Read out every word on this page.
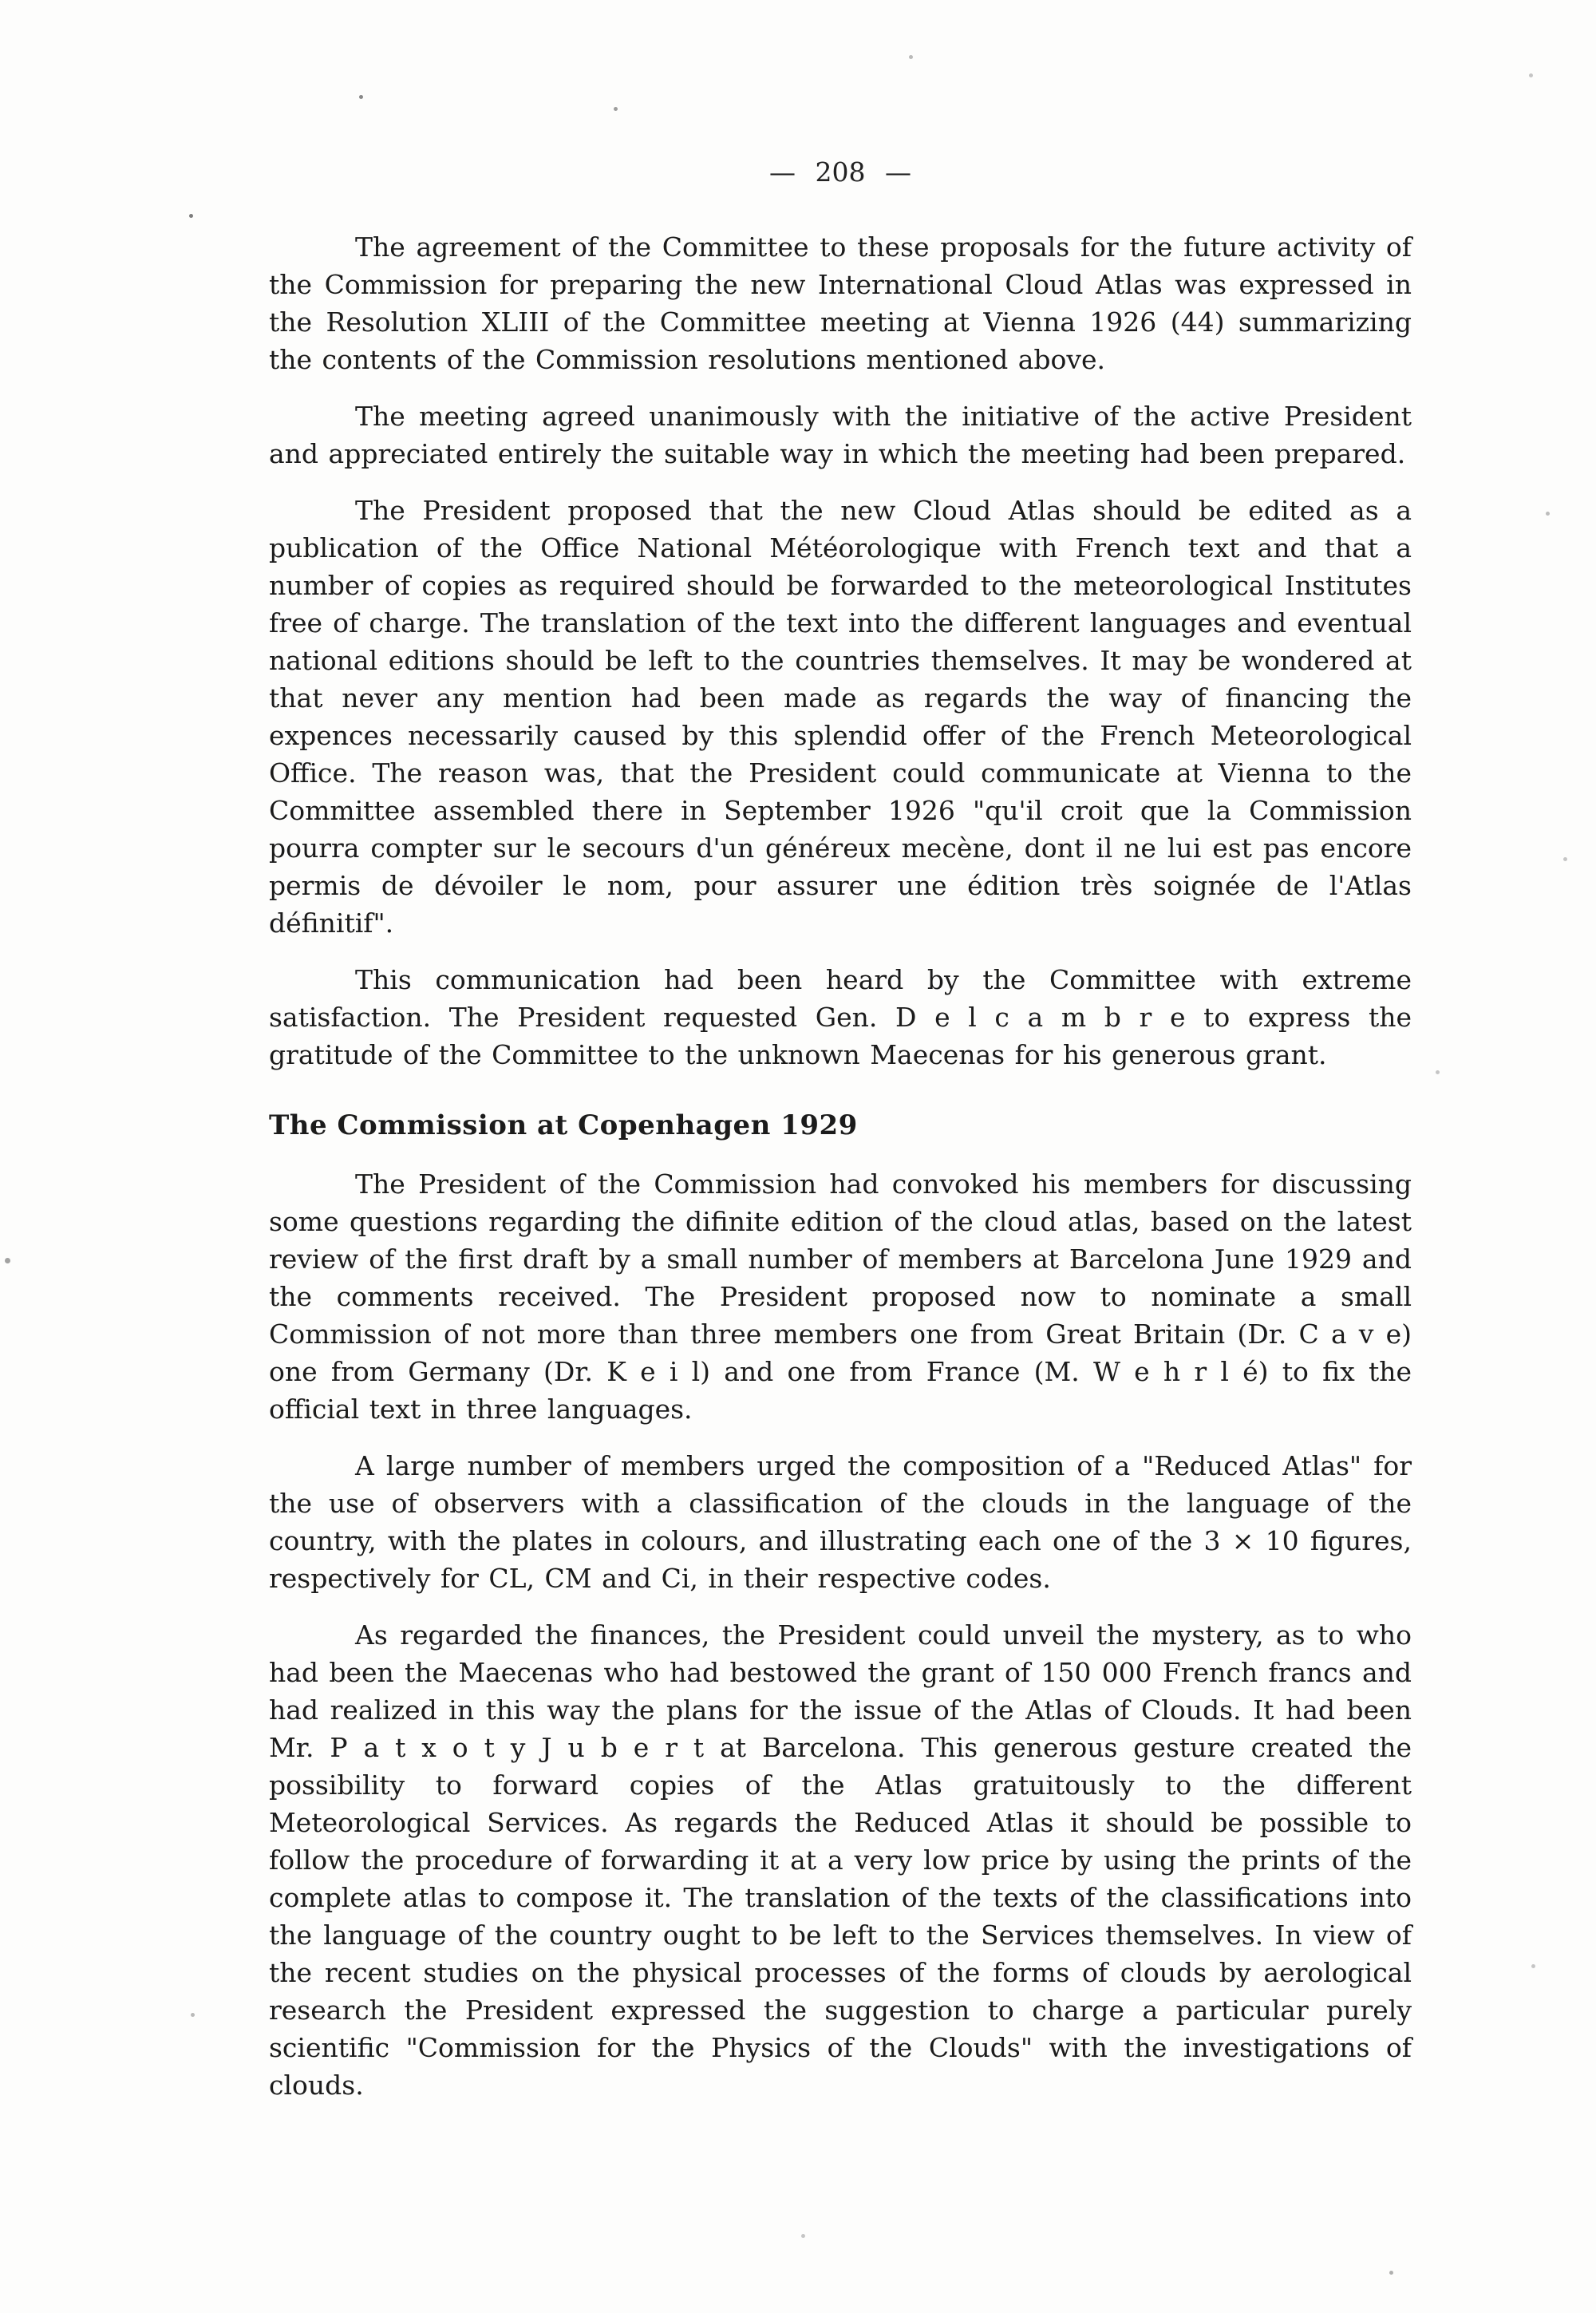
— 208 —

The agreement of the Committee to these proposals for the future activity of the Commission for preparing the new International Cloud Atlas was expressed in the Resolution XLIII of the Committee meeting at Vienna 1926 (44) summarizing the contents of the Commission resolutions mentioned above.

The meeting agreed unanimously with the initiative of the active President and appreciated entirely the suitable way in which the meeting had been prepared.

The President proposed that the new Cloud Atlas should be edited as a publication of the Office National Météorologique with French text and that a number of copies as required should be forwarded to the meteorological Institutes free of charge. The translation of the text into the different languages and eventual national editions should be left to the countries themselves. It may be wondered at that never any mention had been made as regards the way of financing the expences necessarily caused by this splendid offer of the French Meteorological Office. The reason was, that the President could communicate at Vienna to the Committee assembled there in September 1926 "qu'il croit que la Commission pourra compter sur le secours d'un généreux mecène, dont il ne lui est pas encore permis de dévoiler le nom, pour assurer une édition très soignée de l'Atlas définitif".

This communication had been heard by the Committee with extreme satisfaction. The President requested Gen. D e l c a m b r e to express the gratitude of the Committee to the unknown Maecenas for his generous grant.

The Commission at Copenhagen 1929

The President of the Commission had convoked his members for discussing some questions regarding the difinite edition of the cloud atlas, based on the latest review of the first draft by a small number of members at Barcelona June 1929 and the comments received. The President proposed now to nominate a small Commission of not more than three members one from Great Britain (Dr. C a v e) one from Germany (Dr. K e i l) and one from France (M. W e h r l é) to fix the official text in three languages.

A large number of members urged the composition of a "Reduced Atlas" for the use of observers with a classification of the clouds in the language of the country, with the plates in colours, and illustrating each one of the 3 × 10 figures, respectively for CL, CM and Ci, in their respective codes.

As regarded the finances, the President could unveil the mystery, as to who had been the Maecenas who had bestowed the grant of 150 000 French francs and had realized in this way the plans for the issue of the Atlas of Clouds. It had been Mr. P a t x o t y J u b e r t at Barcelona. This generous gesture created the possibility to forward copies of the Atlas gratuitously to the different Meteorological Services. As regards the Reduced Atlas it should be possible to follow the procedure of forwarding it at a very low price by using the prints of the complete atlas to compose it. The translation of the texts of the classifications into the language of the country ought to be left to the Services themselves. In view of the recent studies on the physical processes of the forms of clouds by aerological research the President expressed the suggestion to charge a particular purely scientific "Commission for the Physics of the Clouds" with the investigations of clouds.
